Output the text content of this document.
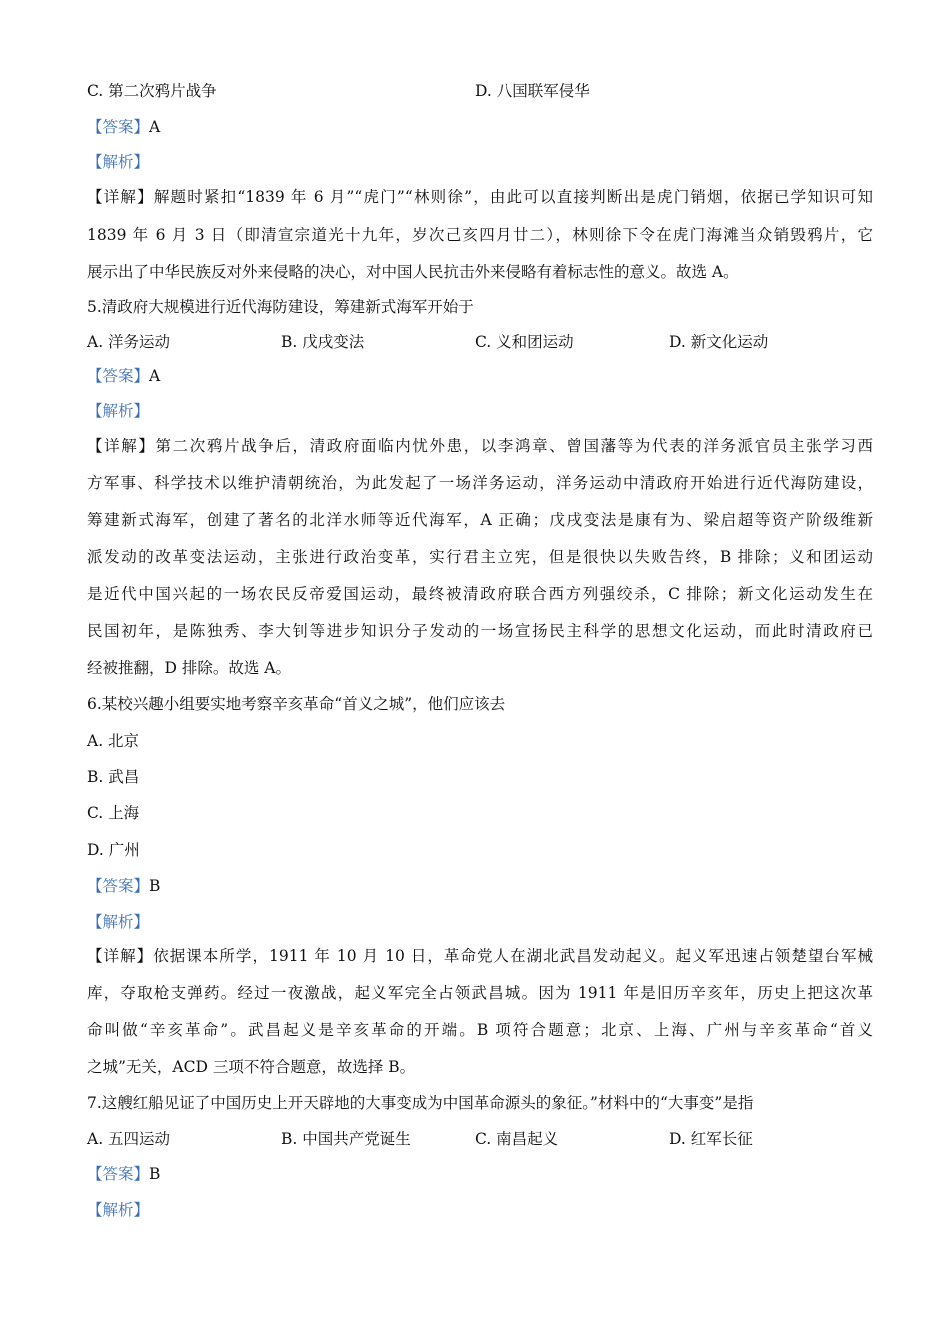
C. 第二次鸦片战争	D. 八国联军侵华
【答案】A
【解析】
【详解】解题时紧扣“1839 年 6 月”“虎门”“林则徐”，由此可以直接判断出是虎门销烟，依据已学知识可知
1839 年 6 月 3 日（即清宣宗道光十九年，岁次己亥四月廿二），林则徐下令在虎门海滩当众销毁鸦片，它
展示出了中华民族反对外来侵略的决心，对中国人民抗击外来侵略有着标志性的意义。故选 A。
5.清政府大规模进行近代海防建设，筹建新式海军开始于
A. 洋务运动	B. 戊戌变法	C. 义和团运动	D. 新文化运动
【答案】A
【解析】
【详解】第二次鸦片战争后，清政府面临内忧外患，以李鸿章、曾国藩等为代表的洋务派官员主张学习西
方军事、科学技术以维护清朝统治，为此发起了一场洋务运动，洋务运动中清政府开始进行近代海防建设，
筹建新式海军，创建了著名的北洋水师等近代海军，A 正确；戊戌变法是康有为、梁启超等资产阶级维新
派发动的改革变法运动，主张进行政治变革，实行君主立宪，但是很快以失败告终，B 排除；义和团运动
是近代中国兴起的一场农民反帝爱国运动，最终被清政府联合西方列强绞杀，C 排除；新文化运动发生在
民国初年，是陈独秀、李大钊等进步知识分子发动的一场宣扬民主科学的思想文化运动，而此时清政府已
经被推翻，D 排除。故选 A。
6.某校兴趣小组要实地考察辛亥革命“首义之城”，他们应该去
A. 北京
B. 武昌
C. 上海
D. 广州
【答案】B
【解析】
【详解】依据课本所学，1911 年 10 月 10 日，革命党人在湖北武昌发动起义。起义军迅速占领楚望台军械
库，夺取枪支弹药。经过一夜激战，起义军完全占领武昌城。因为 1911 年是旧历辛亥年，历史上把这次革
命叫做“辛亥革命”。武昌起义是辛亥革命的开端。B 项符合题意；北京、上海、广州与辛亥革命“首义
之城”无关，ACD 三项不符合题意，故选择 B。
7.这艘红船见证了中国历史上开天辟地的大事变成为中国革命源头的象征。”材料中的“大事变”是指
A. 五四运动	B. 中国共产党诞生	C. 南昌起义	D. 红军长征
【答案】B
【解析】
